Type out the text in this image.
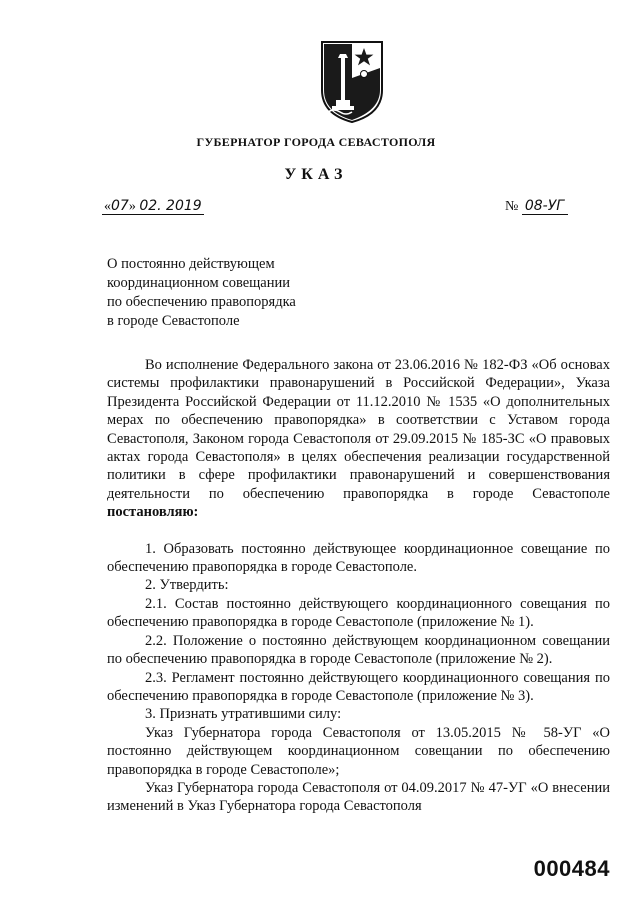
ГУБЕРНАТОР ГОРОДА СЕВАСТОПОЛЯ
УКАЗ
«07» 02. 2019	№ 08-УГ
О постоянно действующем
координационном совещании
по обеспечению правопорядка
в городе Севастополе

Во исполнение Федерального закона от 23.06.2016 № 182-ФЗ «Об основах системы профилактики правонарушений в Российской Федерации», Указа Президента Российской Федерации от 11.12.2010 № 1535 «О дополнительных мерах по обеспечению правопорядка» в соответствии с Уставом города Севастополя, Законом города Севастополя от 29.09.2015 № 185-ЗС «О правовых актах города Севастополя» в целях обеспечения реализации государственной политики в сфере профилактики правонарушений и совершенствования деятельности по обеспечению правопорядка в городе Севастополе постановляю:

1. Образовать постоянно действующее координационное совещание по обеспечению правопорядка в городе Севастополе.

2. Утвердить:

2.1. Состав постоянно действующего координационного совещания по обеспечению правопорядка в городе Севастополе (приложение № 1).

2.2. Положение о постоянно действующем координационном совещании по обеспечению правопорядка в городе Севастополе (приложение № 2).

2.3. Регламент постоянно действующего координационного совещания по обеспечению правопорядка в городе Севастополе (приложение № 3).

3. Признать утратившими силу:

Указ Губернатора города Севастополя от 13.05.2015 № 58-УГ «О постоянно действующем координационном совещании по обеспечению правопорядка в городе Севастополе»;

Указ Губернатора города Севастополя от 04.09.2017 № 47-УГ «О внесении изменений в Указ Губернатора города Севастополя

000484
